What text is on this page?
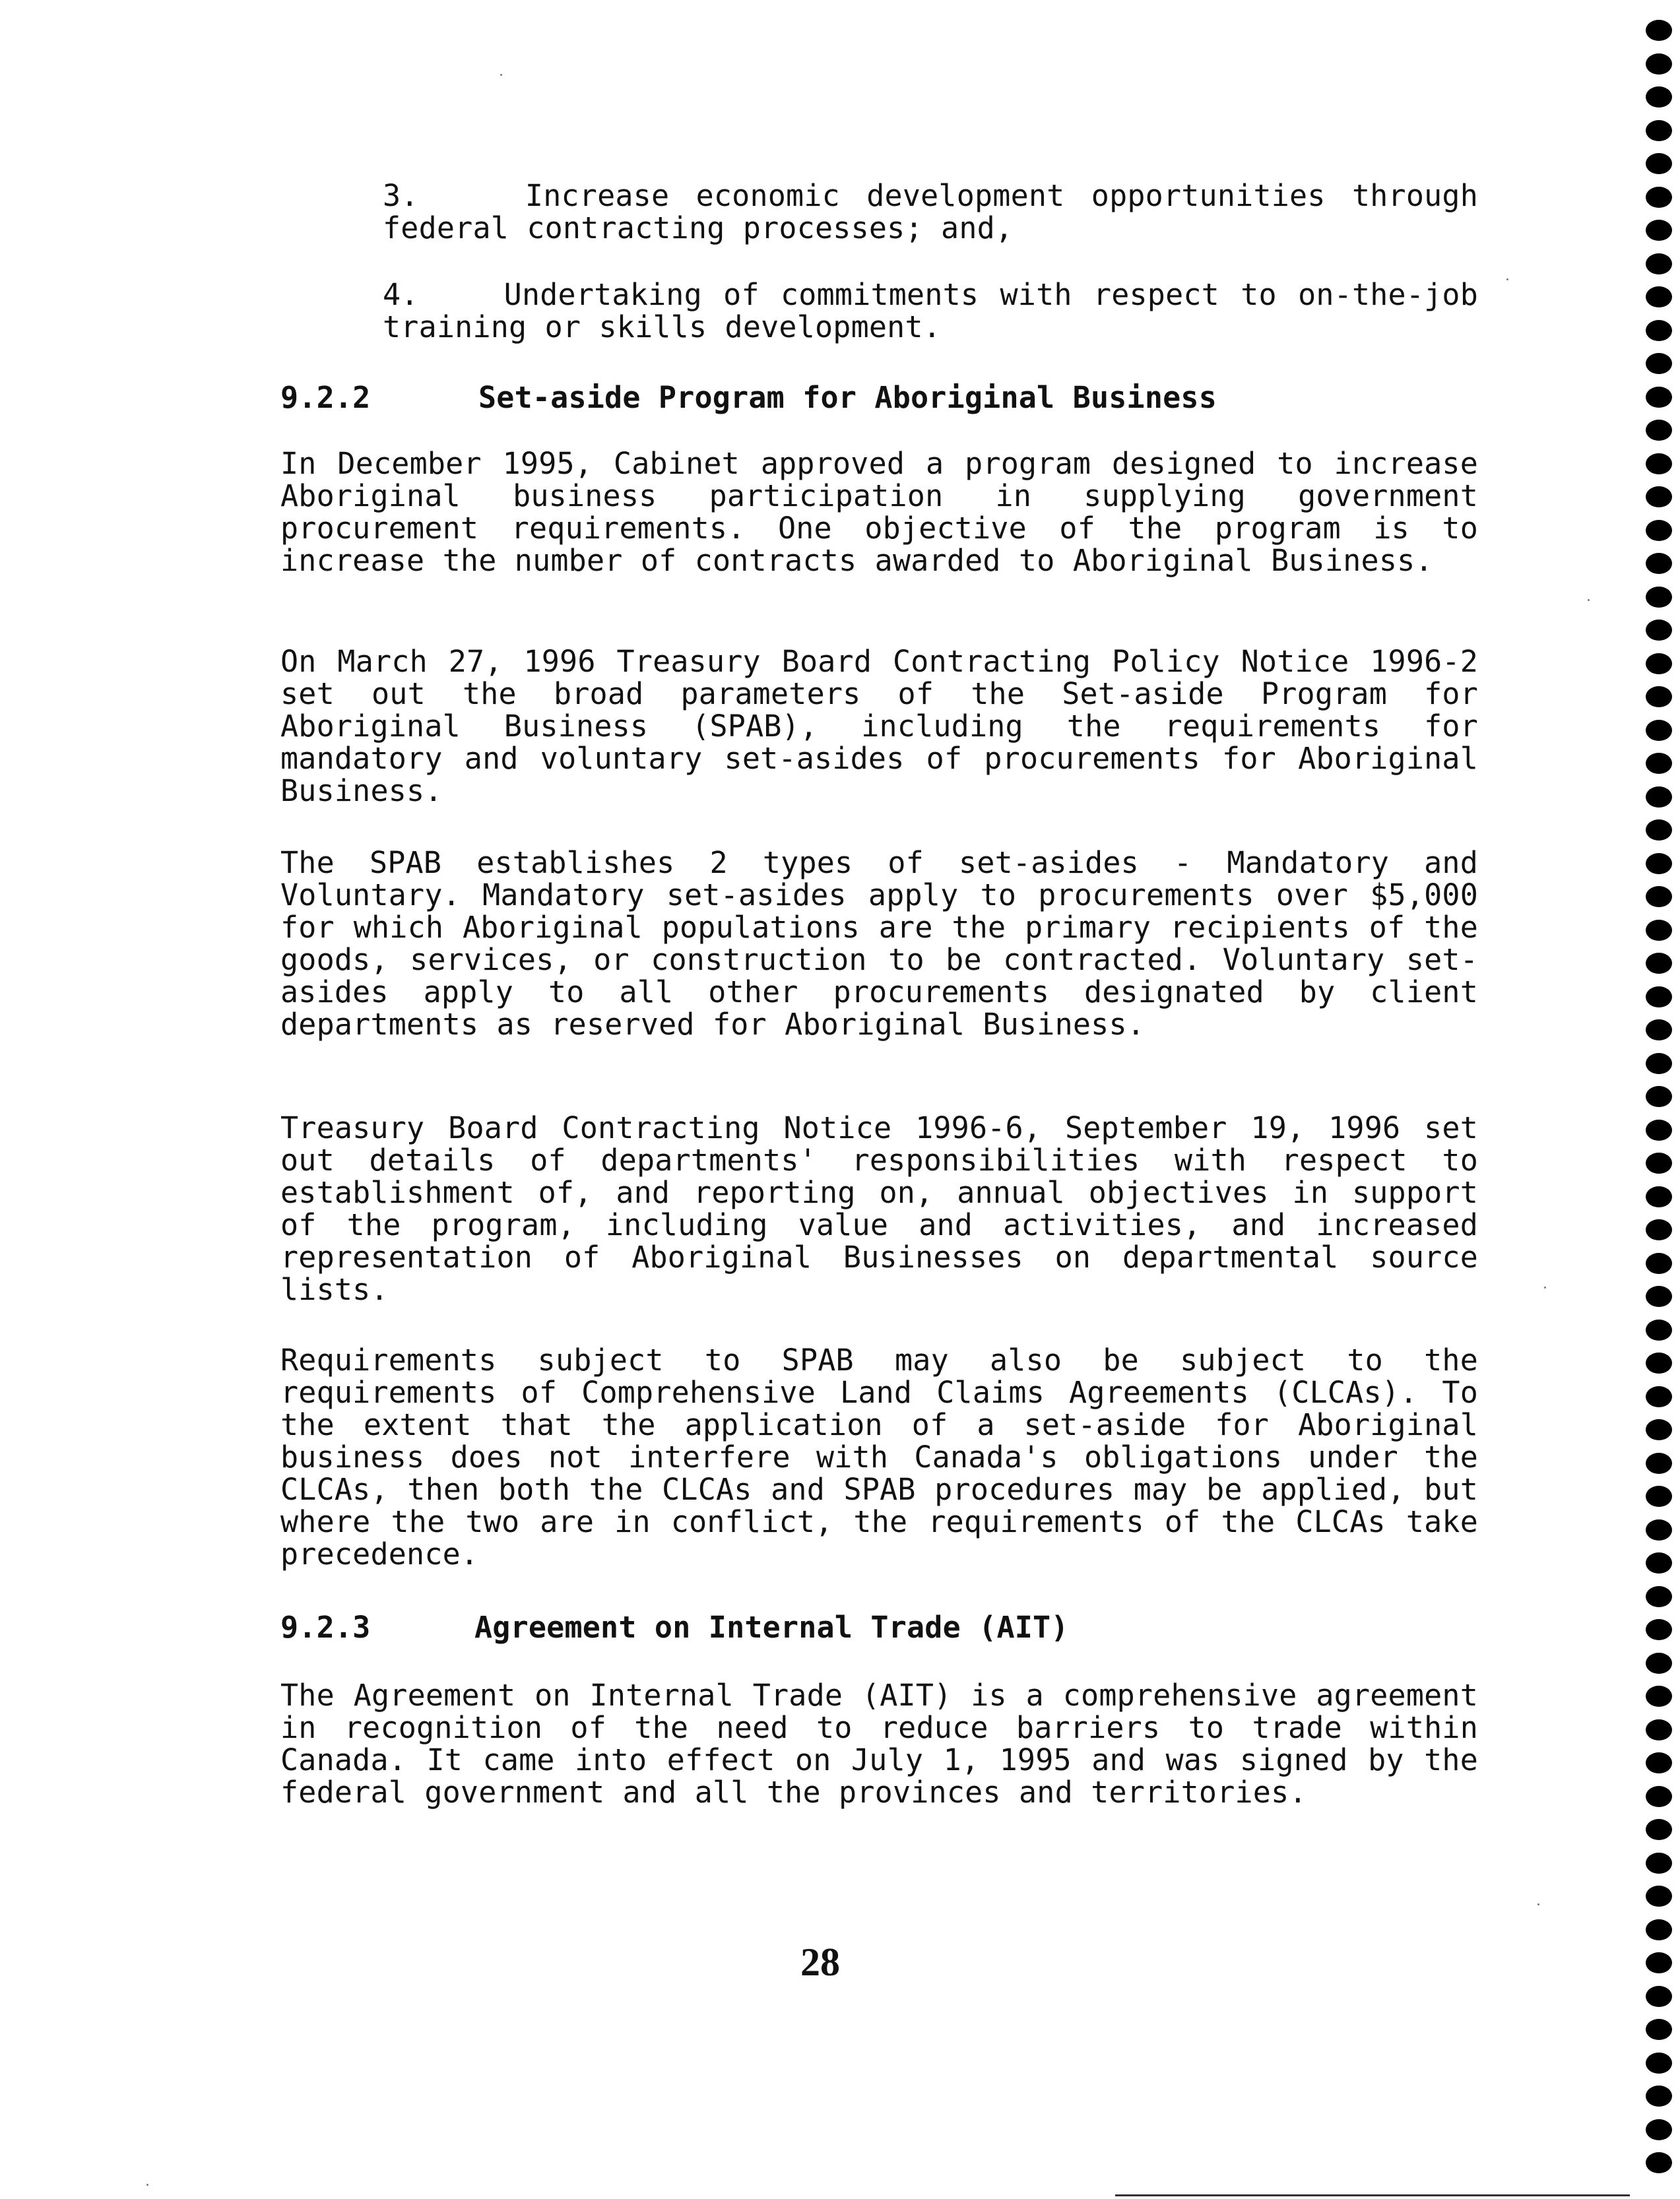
3.	Increase economic development opportunities through federal contracting processes; and,
4.	Undertaking of commitments with respect to on-the-job training or skills development.
9.2.2	Set-aside Program for Aboriginal Business
In December 1995, Cabinet approved a program designed to increase Aboriginal business participation in supplying government procurement requirements. One objective of the program is to increase the number of contracts awarded to Aboriginal Business.
On March 27, 1996 Treasury Board Contracting Policy Notice 1996-2 set out the broad parameters of the Set-aside Program for Aboriginal Business (SPAB), including the requirements for mandatory and voluntary set-asides of procurements for Aboriginal Business.
The SPAB establishes 2 types of set-asides - Mandatory and Voluntary. Mandatory set-asides apply to procurements over $5,000 for which Aboriginal populations are the primary recipients of the goods, services, or construction to be contracted. Voluntary set-asides apply to all other procurements designated by client departments as reserved for Aboriginal Business.
Treasury Board Contracting Notice 1996-6, September 19, 1996 set out details of departments' responsibilities with respect to establishment of, and reporting on, annual objectives in support of the program, including value and activities, and increased representation of Aboriginal Businesses on departmental source lists.
Requirements subject to SPAB may also be subject to the requirements of Comprehensive Land Claims Agreements (CLCAs). To the extent that the application of a set-aside for Aboriginal business does not interfere with Canada's obligations under the CLCAs, then both the CLCAs and SPAB procedures may be applied, but where the two are in conflict, the requirements of the CLCAs take precedence.
9.2.3	Agreement on Internal Trade (AIT)
The Agreement on Internal Trade (AIT) is a comprehensive agreement in recognition of the need to reduce barriers to trade within Canada. It came into effect on July 1, 1995 and was signed by the federal government and all the provinces and territories.
28
